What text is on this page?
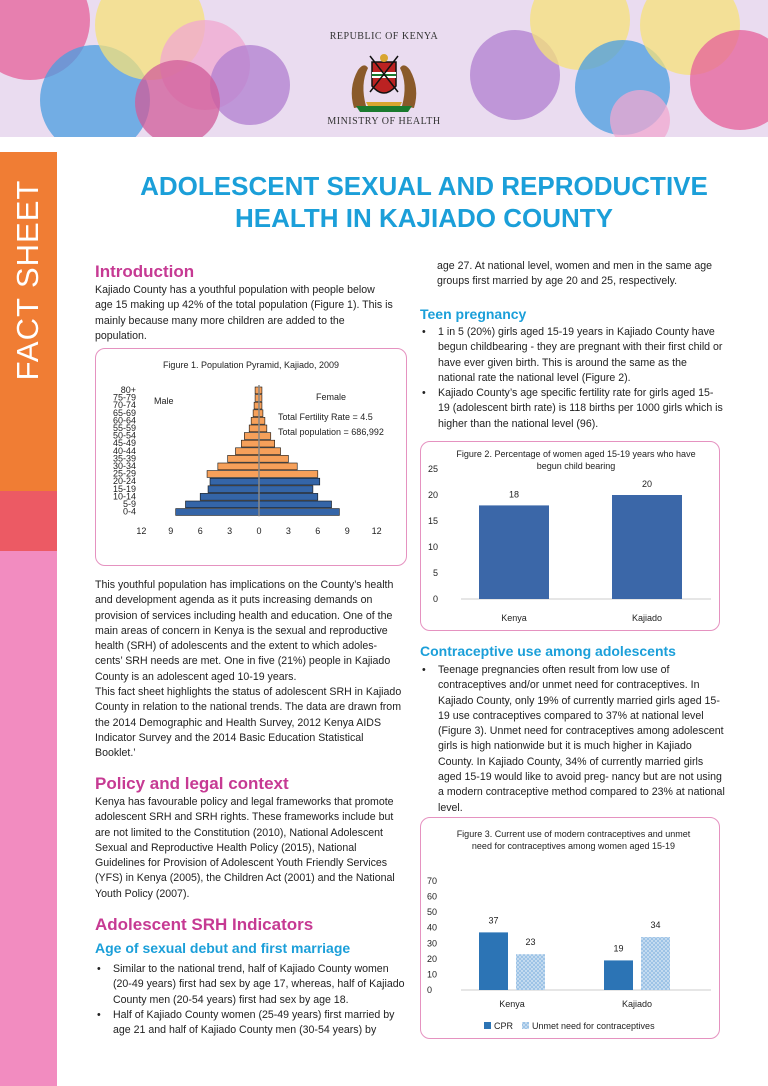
REPUBLIC OF KENYA
MINISTRY OF HEALTH
FACT SHEET	ADOLESCENT SEXUAL AND REPRODUCTIVE
HEALTH IN KAJIADO COUNTY
Introduction
Kajiado County has a youthful population with people below age 15 making up 42% of the total population (Figure 1). This is mainly because many more children are added to the population.
Figure 1. Population Pyramid, Kajiado, 2009
Male	Female
Total Fertility Rate = 4.5
Total population = 686,992
0-4
5-9
10-14
15-19
20-24
25-29
30-34
35-39
40-44
45-49
50-54
55-59
60-64
65-69
70-74
75-79
80+
12 9	6	3	0	3	6	9 12
This youthful population has implications on the County’s health and development agenda as it puts increasing demands on provision of services including health and education. One of the main areas of concern in Kenya is the sexual and reproductive health (SRH) of adolescents and the extent to which adoles- cents’ SRH needs are met. One in five (21%) people in Kajiado County is an adolescent aged 10-19 years.
This fact sheet highlights the status of adolescent SRH in Kajiado County in relation to the national trends. The data are drawn from the 2014 Demographic and Health Survey, 2012 Kenya AIDS Indicator Survey and the 2014 Basic Education Statistical Booklet.’
Policy and legal context
Kenya has favourable policy and legal frameworks that promote adolescent SRH and SRH rights. These frameworks include but are not limited to the Constitution (2010), National Adolescent Sexual and Reproductive Health Policy (2015), National Guidelines for Provision of Adolescent Youth Friendly Services (YFS) in Kenya (2005), the Children Act (2001) and the National Youth Policy (2007).
Adolescent SRH Indicators
Age of sexual debut and first marriage
• Similar to the national trend, half of Kajiado County women (20-49 years) first had sex by age 17, whereas, half of Kajiado County men (20-54 years) first had sex by age 18.
• Half of Kajiado County women (25-49 years) first married by age 21 and half of Kajiado County men (30-54 years) by
age 27. At national level, women and men in the same age groups first married by age 20 and 25, respectively.
Teen pregnancy
• 1 in 5 (20%) girls aged 15-19 years in Kajiado County have begun childbearing - they are pregnant with their first child or have ever given birth. This is around the same as the national rate the national level (Figure 2).
• Kajiado County’s age specific fertility rate for girls aged 15-19 (adolescent birth rate) is 118 births per 1000 girls which is higher than the national level (96).
Figure 2. Percentage of women aged 15-19 years who have begun child bearing
0
5
10
15
20
25
18
Kenya
20
Kajiado
Contraceptive use among adolescents
• Teenage pregnancies often result from low use of contraceptives and/or unmet need for contraceptives. In Kajiado County, only 19% of currently married girls aged 15-19 use contraceptives compared to 37% at national level (Figure 3). Unmet need for contraceptives among adolescent girls is high nationwide but it is much higher in Kajiado County. In Kajiado County, 34% of currently married girls aged 15-19 would like to avoid preg- nancy but are not using a modern contraceptive method compared to 23% at national level.
Figure 3. Current use of modern contraceptives and unmet need for contraceptives among women aged 15-19
0
10
20
30
40
50
60
70
37
23
Kenya
19
34
Kajiado
CPR Unmet need for contraceptives
